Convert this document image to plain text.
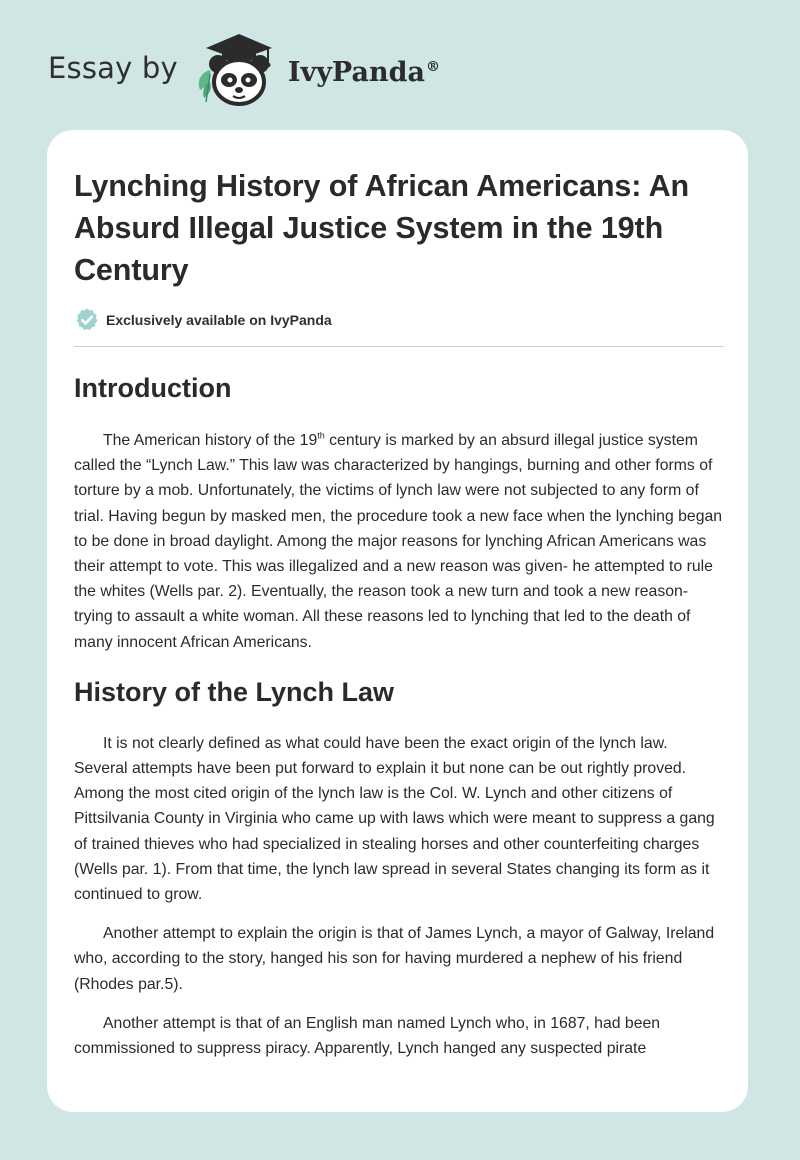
Essay by	IvyPanda®
Lynching History of African Americans: An Absurd Illegal Justice System in the 19th Century
Exclusively available on IvyPanda
Introduction

The American history of the 19th century is marked by an absurd illegal justice system called the “Lynch Law.” This law was characterized by hangings, burning and other forms of torture by a mob. Unfortunately, the victims of lynch law were not subjected to any form of trial. Having begun by masked men, the procedure took a new face when the lynching began to be done in broad daylight. Among the major reasons for lynching African Americans was their attempt to vote. This was illegalized and a new reason was given- he attempted to rule the whites (Wells par. 2). Eventually, the reason took a new turn and took a new reason- trying to assault a white woman. All these reasons led to lynching that led to the death of many innocent African Americans.

History of the Lynch Law

It is not clearly defined as what could have been the exact origin of the lynch law. Several attempts have been put forward to explain it but none can be out rightly proved. Among the most cited origin of the lynch law is the Col. W. Lynch and other citizens of Pittsilvania County in Virginia who came up with laws which were meant to suppress a gang of trained thieves who had specialized in stealing horses and other counterfeiting charges (Wells par. 1). From that time, the lynch law spread in several States changing its form as it continued to grow.

Another attempt to explain the origin is that of James Lynch, a mayor of Galway, Ireland who, according to the story, hanged his son for having murdered a nephew of his friend (Rhodes par.5).

Another attempt is that of an English man named Lynch who, in 1687, had been commissioned to suppress piracy. Apparently, Lynch hanged any suspected pirate
